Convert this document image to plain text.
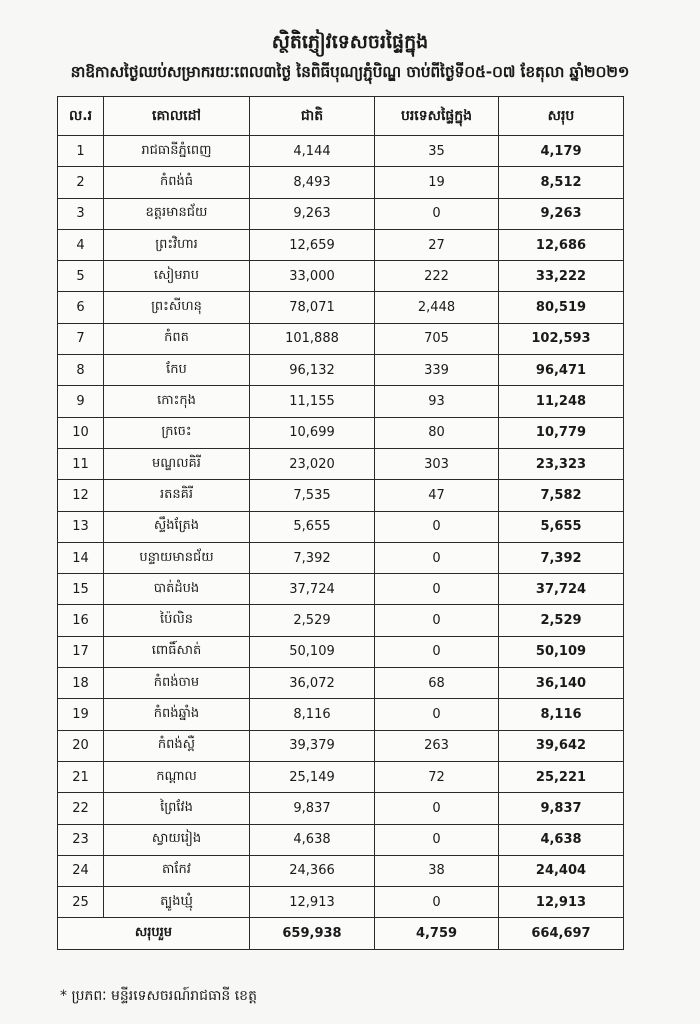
ស្ថិតិភ្ញៀវទេសចរផ្ទៃក្នុង
នាឱកាសថ្ងៃឈប់សម្រាករយៈពេល៣ថ្ងៃ នៃពិធីបុណ្យភ្ជុំបិណ្ឌ ចាប់ពីថ្ងៃទី០៥-០៧ ខែតុលា ឆ្នាំ២០២១
ល.រ	គោលដៅ	ជាតិ	បរទេសផ្ទៃក្នុង	សរុប
1	រាជធានីភ្នំពេញ	4,144	35	4,179
2	កំពង់ធំ	8,493	19	8,512
3	ឧត្តរមានជ័យ	9,263	0	9,263
4	ព្រះវិហារ	12,659	27	12,686
5	សៀមរាប	33,000	222	33,222
6	ព្រះសីហនុ	78,071	2,448	80,519
7	កំពត	101,888	705	102,593
8	កែប	96,132	339	96,471
9	កោះកុង	11,155	93	11,248
10	ក្រចេះ	10,699	80	10,779
11	មណ្ឌលគិរី	23,020	303	23,323
12	រតនគិរី	7,535	47	7,582
13	ស្ទឹងត្រែង	5,655	0	5,655
14	បន្ទាយមានជ័យ	7,392	0	7,392
15	បាត់ដំបង	37,724	0	37,724
16	ប៉ៃលិន	2,529	0	2,529
17	ពោធិ៍សាត់	50,109	0	50,109
18	កំពង់ចាម	36,072	68	36,140
19	កំពង់ឆ្នាំង	8,116	0	8,116
20	កំពង់ស្ពឺ	39,379	263	39,642
21	កណ្ដាល	25,149	72	25,221
22	ព្រៃវែង	9,837	0	9,837
23	ស្វាយរៀង	4,638	0	4,638
24	តាកែវ	24,366	38	24,404
25	ត្បូងឃ្មុំ	12,913	0	12,913
សរុបរួម		659,938	4,759	664,697
* ប្រភពៈ មន្ទីរទេសចរណ៍រាជធានី ខេត្ត
